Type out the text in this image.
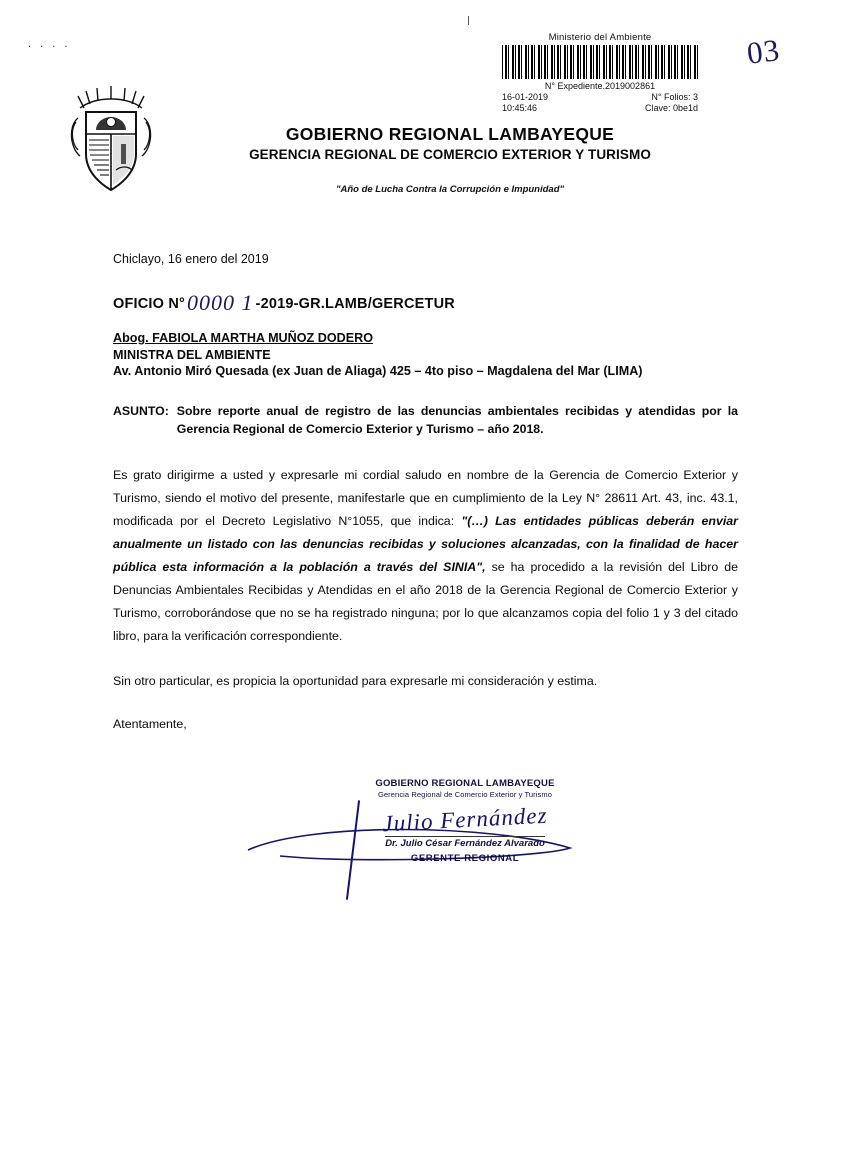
. . . .	03
Ministerio del Ambiente
N° Expediente.2019002861
16-01-2019	N° Folios: 3
10:45:46	Clave: 0be1d
GOBIERNO REGIONAL LAMBAYEQUE
GERENCIA REGIONAL DE COMERCIO EXTERIOR Y TURISMO
"Año de Lucha Contra la Corrupción e Impunidad"
Chiclayo, 16 enero del 2019
OFICIO N°0000 1 -2019-GR.LAMB/GERCETUR
Abog. FABIOLA MARTHA MUÑOZ DODERO
MINISTRA DEL AMBIENTE
Av. Antonio Miró Quesada (ex Juan de Aliaga) 425 – 4to piso – Magdalena del Mar (LIMA)
ASUNTO: Sobre reporte anual de registro de las denuncias ambientales recibidas y atendidas por la Gerencia Regional de Comercio Exterior y Turismo – año 2018.
Es grato dirigirme a usted y expresarle mi cordial saludo en nombre de la Gerencia de Comercio Exterior y Turismo, siendo el motivo del presente, manifestarle que en cumplimiento de la Ley N° 28611 Art. 43, inc. 43.1, modificada por el Decreto Legislativo N°1055, que indica: "(…) Las entidades públicas deberán enviar anualmente un listado con las denuncias recibidas y soluciones alcanzadas, con la finalidad de hacer pública esta información a la población a través del SINIA", se ha procedido a la revisión del Libro de Denuncias Ambientales Recibidas y Atendidas en el año 2018 de la Gerencia Regional de Comercio Exterior y Turismo, corroborándose que no se ha registrado ninguna; por lo que alcanzamos copia del folio 1 y 3 del citado libro, para la verificación correspondiente.
Sin otro particular, es propicia la oportunidad para expresarle mi consideración y estima.
Atentamente,
GOBIERNO REGIONAL LAMBAYEQUE
Gerencia Regional de Comercio Exterior y Turismo
Julio Fernández
Dr. Julio César Fernández Alvarado
GERENTE REGIONAL
